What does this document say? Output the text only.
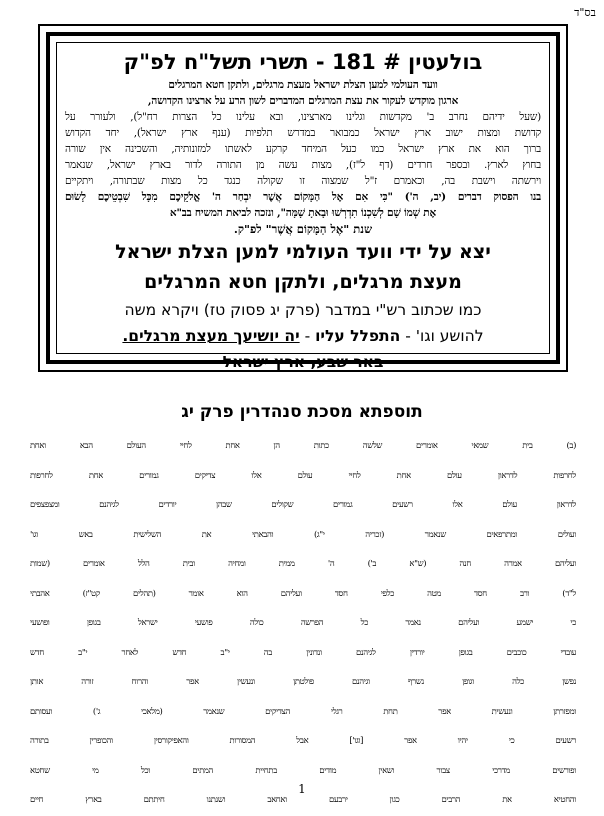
בס"ד

בולעטין # 181 - תשרי תשל"ח לפ"ק

וועד העולמי למען הצלת ישראל מעצת מרגלים, ולתקן חטא המרגלים

ארגון מוקדש לעקור את עצת המרגלים המדברים לשון הרע על ארצינו הקדושה,

(שעל ידיהם נחרב ב' מקדשות וגלינו מארצינו, ובא עלינו כל הצרות רח"ל), ולעורר על

קדושת ומצות ישוב ארץ ישראל כמבואר במדרש תלפיות (ענף ארץ ישראל), יחד הקדוש

ברוך הוא את ארץ ישראל כמו כעל המיחד קרקע לאשתו למזונותיה, והשכינה אין שורה

בחוץ לארץ. ובספר חרדים (דף ל"ז), מצות עשה מן התורה לדור בארץ ישראל, שנאמר

וירשתה וישבת בה, וכאמרם ז"ל שמצוה זו שקולה כנגד כל מצות שבתורה, ויתקיים

בנו הפסוק דברים (יב, ה') "כִּי אִם אֶל הַמָּקוֹם אֲשֶׁר יִבְחַר ה' אֱלֹקֵיכֶם מִכָּל שִׁבְטֵיכֶם לָשׂוּם

אֶת שְׁמוֹ שָׁם לְשִׁכְנוֹ תִדְרְשׁוּ וּבָאתָ שָׁמָּה", ונזכה לביאת המשיח בב"א

שנת "אֶל הַמָּקוֹם אֲשֶׁר" לפ"ק.

יצא על ידי וועד העולמי למען הצלת ישראל

מעצת מרגלים, ולתקן חטא המרגלים

כמו שכתוב רש"י במדבר (פרק יג פסוק טז) ויקרא משה

להושע וגו' - התפלל עליו - יה יושיעך מעצת מרגלים.

באר שבע, ארץ ישראל

תוספתא מסכת סנהדרין פרק יג

(ב) בית שמאי אומרים שלשה כתות הן אחת לחיי העולם הבא ואחת

לחרפות לדראון עולם אחת לחיי עולם אלו צדיקים גמורים אחת לחרפות

לדראון עולם אלו רשעים גמורים שקולים שבהן יורדים לגיהנם ומצפצפים

ועולים ומתרפאים שנאמר (זכריה י"ג) והבאתי את השלישית באש וגו'

ועליהם אמרה חנה (ש"א ב') ה' ממית ומחיה ובית הלל אומרים (שמות

ל"ד) ורב חסד מטה כלפי חסד ועליהם הוא אומר (תהלים קט"ז) אהבתי

כי ישמע ועליהם נאמר כל הפרשה כולה פושעי ישראל בגופן ופושעי

עובדי כוכבים בגופן יורדין לגיהנם ונדונין בה י"ב חדש לאחר י"ב חדש

נפשן כלה וגופן נשרף וגיהנם פולטתן ונעשין אפר והרוח זורה אותן

ומפזרתן ונעשית אפר תחת רגלי הצדיקים שנאמר (מלאכי ג') ועסותם

רשעים כי יהיו אפר [וגו'] אבל המסורות והאפיקורסין והכופרין בתורה

ופורשים מדרכי צבור ושאין מודים בתחיית המתים וכל מי שחטא

והחטיא את הרבים כגון ירבעם ואחאב ושנתנו חיתתם בארץ חיים

1
